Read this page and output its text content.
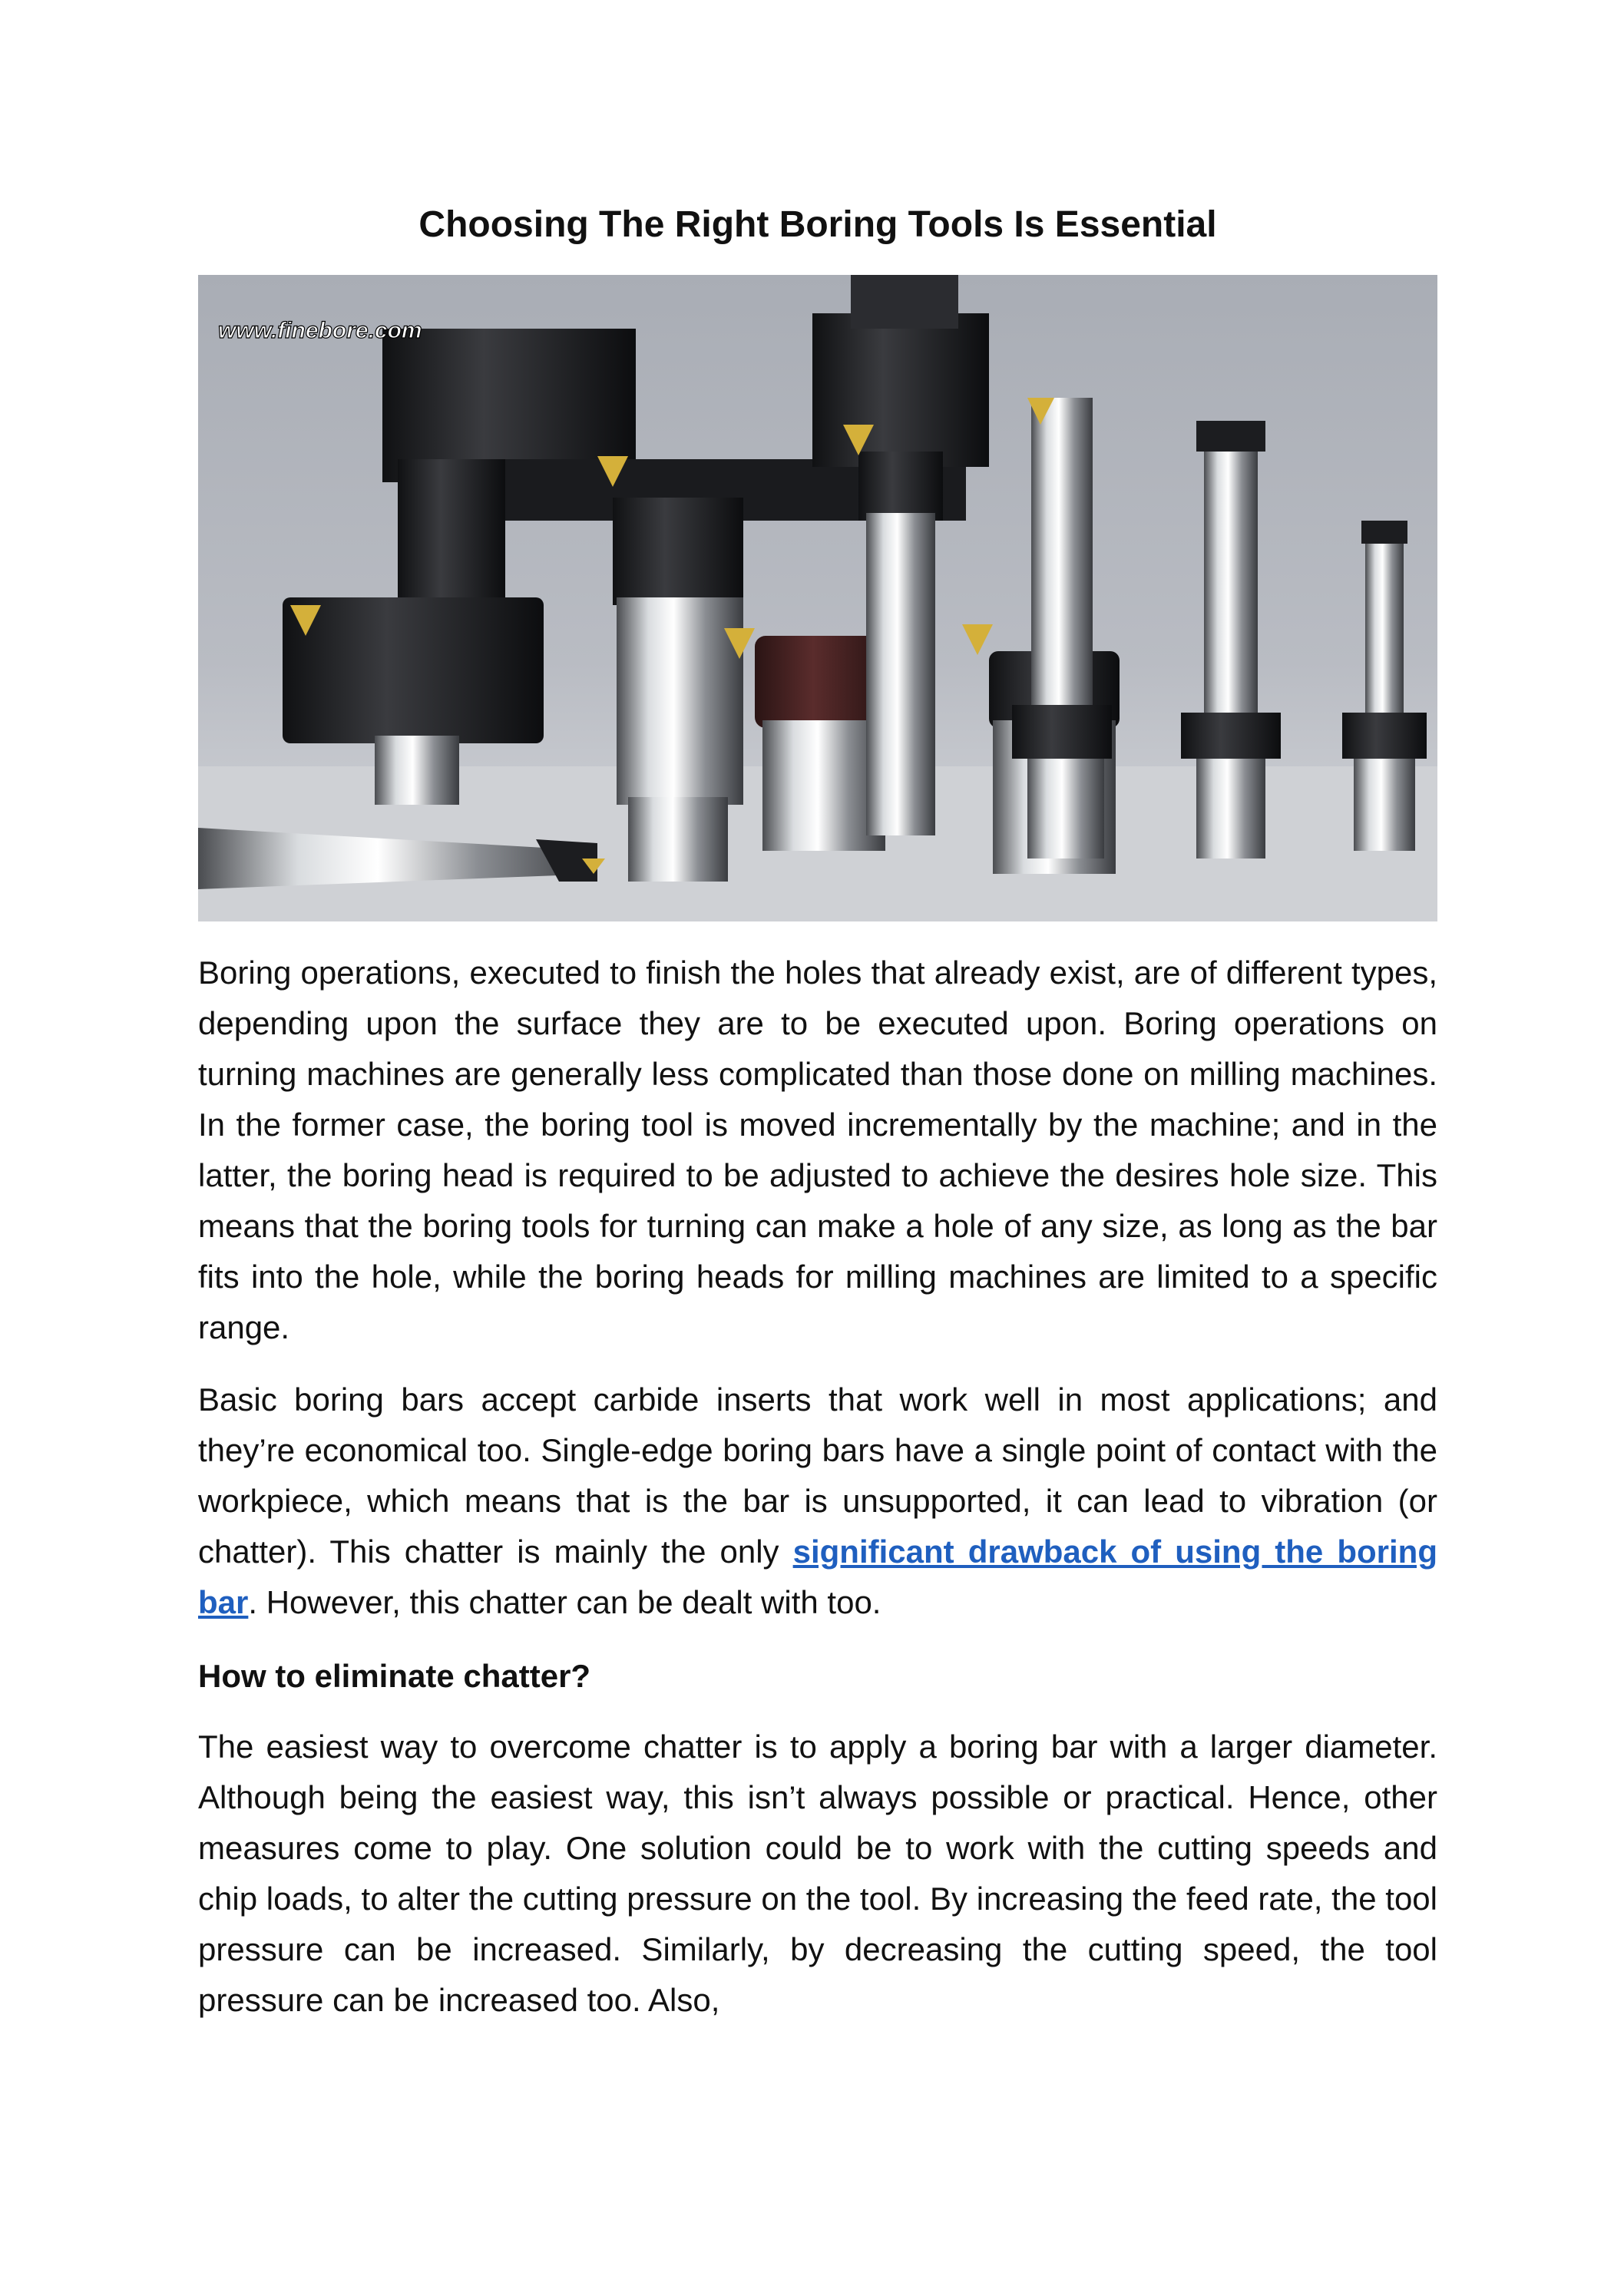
Choosing The Right Boring Tools Is Essential
www.finebore.com

Boring operations, executed to finish the holes that already exist, are of different types, depending upon the surface they are to be executed upon. Boring operations on turning machines are generally less complicated than those done on milling machines. In the former case, the boring tool is moved incrementally by the machine; and in the latter, the boring head is required to be adjusted to achieve the desires hole size. This means that the boring tools for turning can make a hole of any size, as long as the bar fits into the hole, while the boring heads for milling machines are limited to a specific range.

Basic boring bars accept carbide inserts that work well in most applications; and they’re economical too. Single-edge boring bars have a single point of contact with the workpiece, which means that is the bar is unsupported, it can lead to vibration (or chatter). This chatter is mainly the only significant drawback of using the boring bar. However, this chatter can be dealt with too.

How to eliminate chatter?

The easiest way to overcome chatter is to apply a boring bar with a larger diameter. Although being the easiest way, this isn’t always possible or practical. Hence, other measures come to play. One solution could be to work with the cutting speeds and chip loads, to alter the cutting pressure on the tool. By increasing the feed rate, the tool pressure can be increased. Similarly, by decreasing the cutting speed, the tool pressure can be increased too. Also,
